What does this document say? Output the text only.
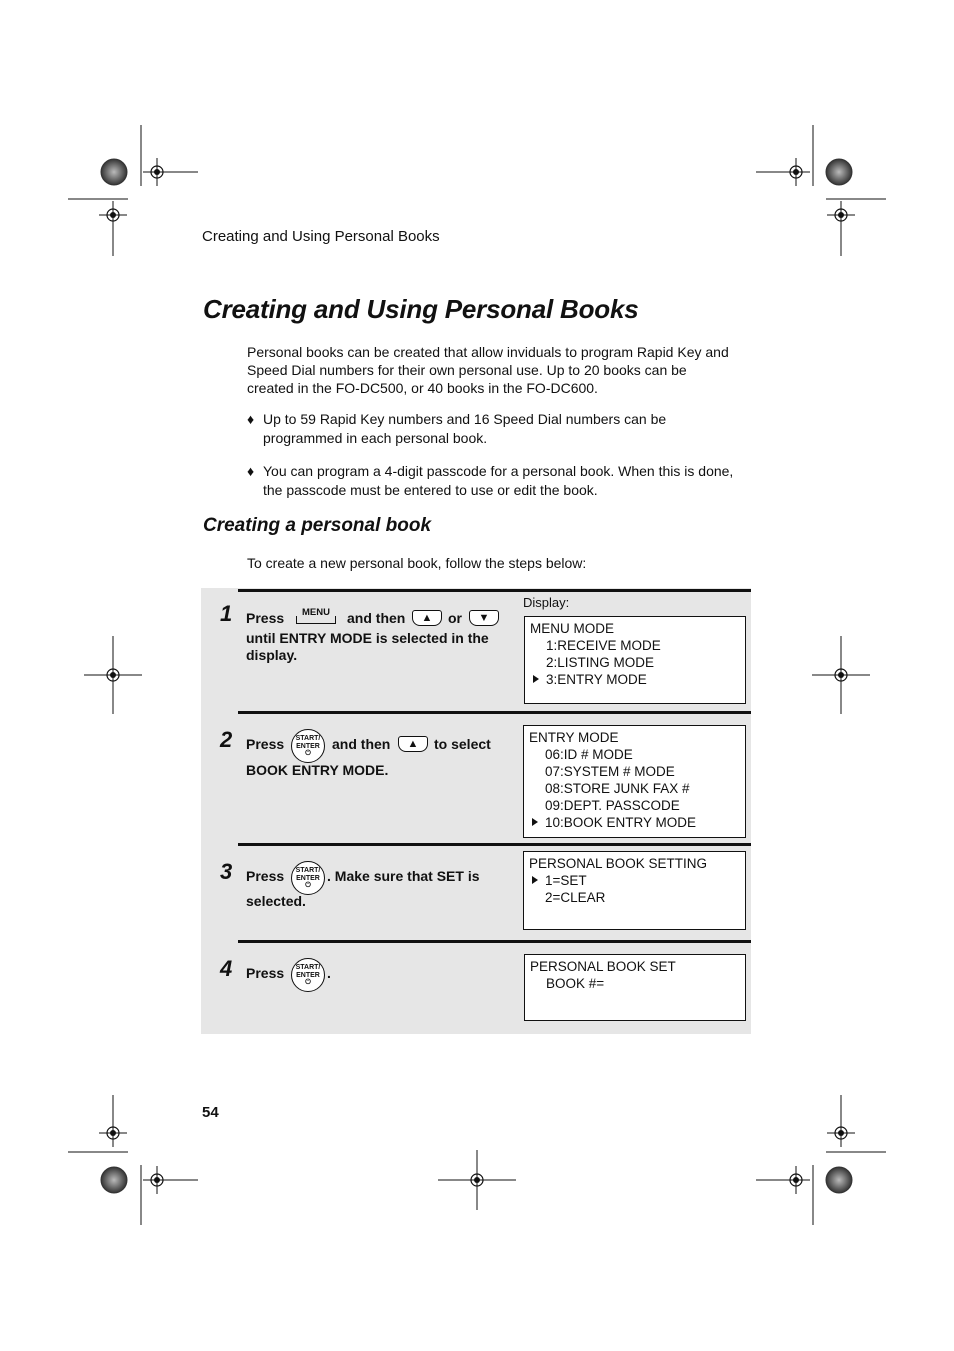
Creating and Using Personal Books
Creating and Using Personal Books
Personal books can be created that allow inviduals to program Rapid Key and
Speed Dial numbers for their own personal use. Up to 20 books can be
created in the FO-DC500, or 40 books in the FO-DC600.
♦ Up to 59 Rapid Key numbers and 16 Speed Dial numbers can be
programmed in each personal book.
♦ You can program a 4-digit passcode for a personal book. When this is done,
the passcode must be entered to use or edit the book.
Creating a personal book
To create a new personal book, follow the steps below:
Display:
1 Press	MENU	and then	▲	or	▼
until ENTRY MODE is selected in the
display.
MENU MODE
1:RECEIVE MODE
2:LISTING MODE
3:ENTRY MODE
2 Press	START/
ENTER
⏻
and then	▲	to select
BOOK ENTRY MODE.
ENTRY MODE
06:ID # MODE
07:SYSTEM # MODE
08:STORE JUNK FAX #
09:DEPT. PASSCODE
10:BOOK ENTRY MODE
3 Press	START/
ENTER
⏻
. Make sure that SET is
selected.
PERSONAL BOOK SETTING
1=SET
2=CLEAR
4 Press	START/
ENTER
⏻
.	PERSONAL BOOK SET
BOOK #=
54
